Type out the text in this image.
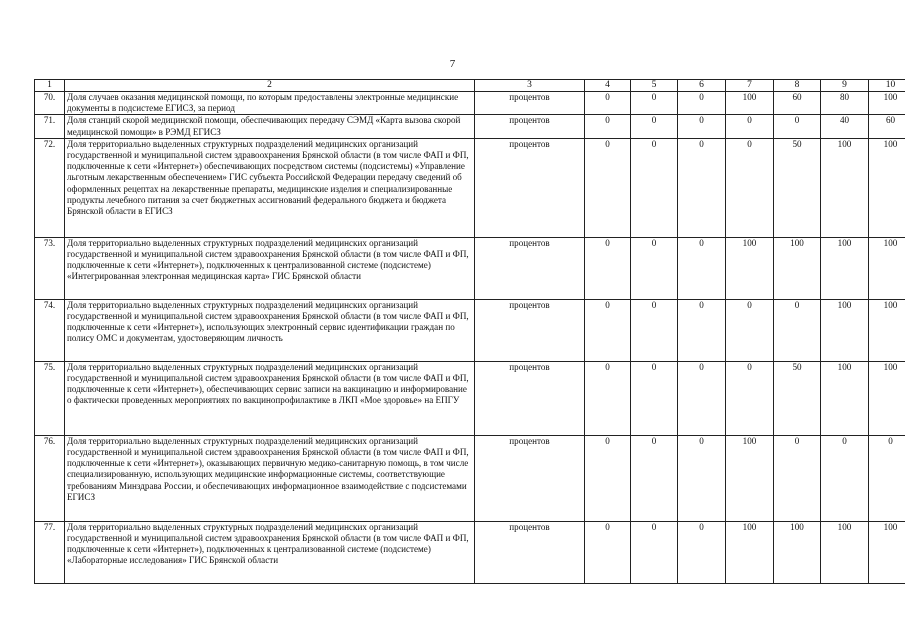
7
1	2	3	4	5	6	7	8	9	10
70.	Доля случаев оказания медицинской помощи, по которым предоставлены электронные медицинские документы в подсистеме ЕГИСЗ, за период	процентов	0	0	0	100	60	80	100
71.	Доля станций скорой медицинской помощи, обеспечивающих передачу СЭМД «Карта вызова скорой медицинской помощи» в РЭМД ЕГИСЗ	процентов	0	0	0	0	0	40	60
72.	Доля территориально выделенных структурных подразделений медицинских организаций государственной и муниципальной систем здравоохранения Брянской области (в том числе ФАП и ФП, подключенные к сети «Интернет») обеспечивающих посредством системы (подсистемы) «Управление льготным лекарственным обеспечением» ГИС субъекта Российской Федерации передачу сведений об оформленных рецептах на лекарственные препараты, медицинские изделия и специализированные продукты лечебного питания за счет бюджетных ассигнований федерального бюджета и бюджета Брянской области в ЕГИСЗ	процентов	0	0	0	0	50	100	100
73.	Доля территориально выделенных структурных подразделений медицинских организаций государственной и муниципальной систем здравоохранения Брянской области (в том числе ФАП и ФП, подключенные к сети «Интернет»), подключенных к централизованной системе (подсистеме) «Интегрированная электронная медицинская карта» ГИС Брянской области	процентов	0	0	0	100	100	100	100
74.	Доля территориально выделенных структурных подразделений медицинских организаций государственной и муниципальной систем здравоохранения Брянской области (в том числе ФАП и ФП, подключенные к сети «Интернет»), использующих электронный сервис идентификации граждан по полису ОМС и документам, удостоверяющим личность	процентов	0	0	0	0	0	100	100
75.	Доля территориально выделенных структурных подразделений медицинских организаций государственной и муниципальной систем здравоохранения Брянской области (в том числе ФАП и ФП, подключенные к сети «Интернет»), обеспечивающих сервис записи на вакцинацию и информирование о фактически проведенных мероприятиях по вакцинопрофилактике в ЛКП «Мое здоровье» на ЕПГУ	процентов	0	0	0	0	50	100	100
76.	Доля территориально выделенных структурных подразделений медицинских организаций государственной и муниципальной систем здравоохранения Брянской области (в том числе ФАП и ФП, подключенные к сети «Интернет»), оказывающих первичную медико-санитарную помощь, в том числе специализированную, использующих медицинские информационные системы, соответствующие требованиям Минздрава России, и обеспечивающих информационное взаимодействие с подсистемами ЕГИСЗ	процентов	0	0	0	100	0	0	0
77.	Доля территориально выделенных структурных подразделений медицинских организаций государственной и муниципальной систем здравоохранения Брянской области (в том числе ФАП и ФП, подключенные к сети «Интернет»), подключенных к централизованной системе (подсистеме) «Лабораторные исследования» ГИС Брянской области	процентов	0	0	0	100	100	100	100
